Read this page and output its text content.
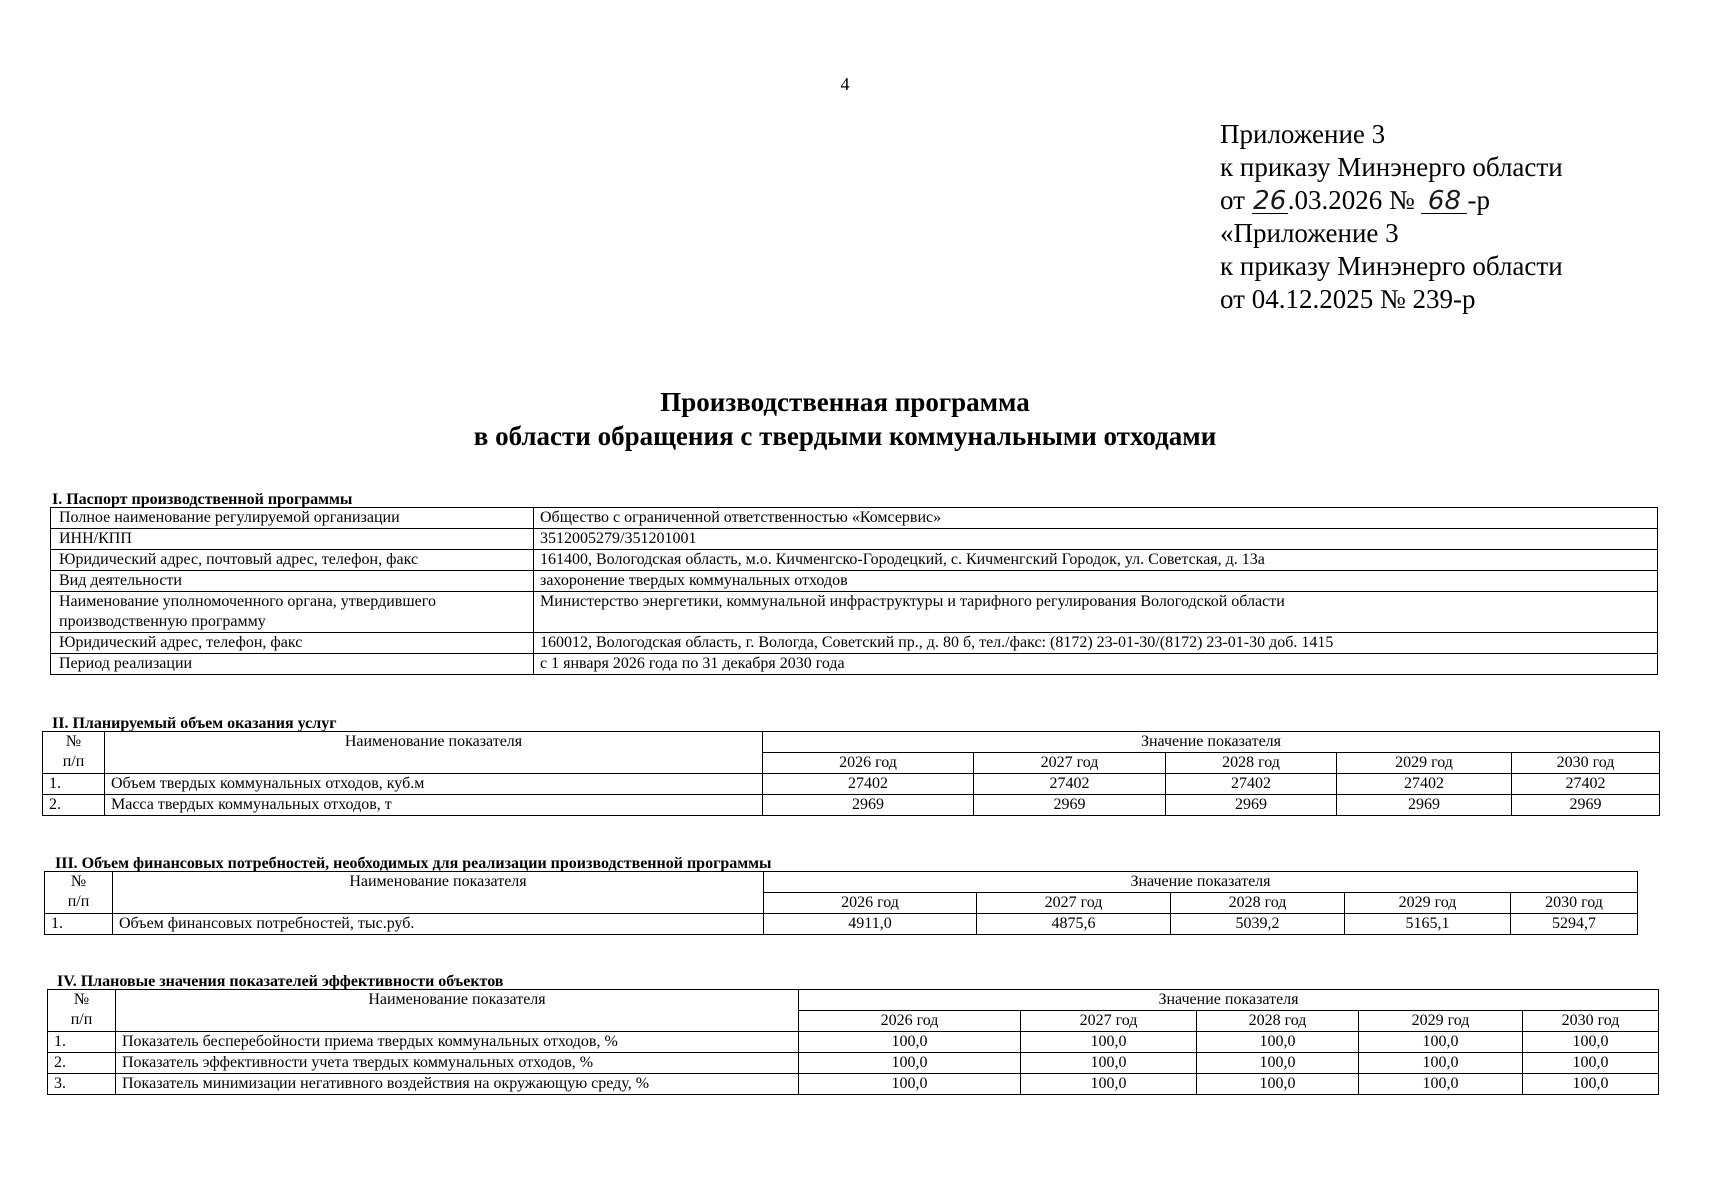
4
Приложение 3
к приказу Минэнерго области
от 26.03.2026 № 68 -р
«Приложение 3
к приказу Минэнерго области
от 04.12.2025 № 239-р
Производственная программа
в области обращения с твердыми коммунальными отходами
I. Паспорт производственной программы
Полное наименование регулируемой организации	Общество с ограниченной ответственностью «Комсервис»
ИНН/КПП	3512005279/351201001
Юридический адрес, почтовый адрес, телефон, факс	161400, Вологодская область, м.о. Кичменгско-Городецкий, с. Кичменгский Городок, ул. Советская, д. 13а
Вид деятельности	захоронение твердых коммунальных отходов
Наименование уполномоченного органа, утвердившего производственную программу	Министерство энергетики, коммунальной инфраструктуры и тарифного регулирования Вологодской области
Юридический адрес, телефон, факс	160012, Вологодская область, г. Вологда, Советский пр., д. 80 б, тел./факс: (8172) 23-01-30/(8172) 23-01-30 доб. 1415
Период реализации	с 1 января 2026 года по 31 декабря 2030 года
II. Планируемый объем оказания услуг
№
п/п	Наименование показателя	Значение показателя				
		2026 год	2027 год	2028 год	2029 год	2030 год
1.	Объем твердых коммунальных отходов, куб.м	27402	27402	27402	27402	27402
2.	Масса твердых коммунальных отходов, т	2969	2969	2969	2969	2969
III. Объем финансовых потребностей, необходимых для реализации производственной программы
№
п/п	Наименование показателя	Значение показателя				
		2026 год	2027 год	2028 год	2029 год	2030 год
1.	Объем финансовых потребностей, тыс.руб.	4911,0	4875,6	5039,2	5165,1	5294,7
IV. Плановые значения показателей эффективности объектов
№
п/п	Наименование показателя	Значение показателя				
		2026 год	2027 год	2028 год	2029 год	2030 год
1.	Показатель бесперебойности приема твердых коммунальных отходов, %	100,0	100,0	100,0	100,0	100,0
2.	Показатель эффективности учета твердых коммунальных отходов, %	100,0	100,0	100,0	100,0	100,0
3.	Показатель минимизации негативного воздействия на окружающую среду, %	100,0	100,0	100,0	100,0	100,0
